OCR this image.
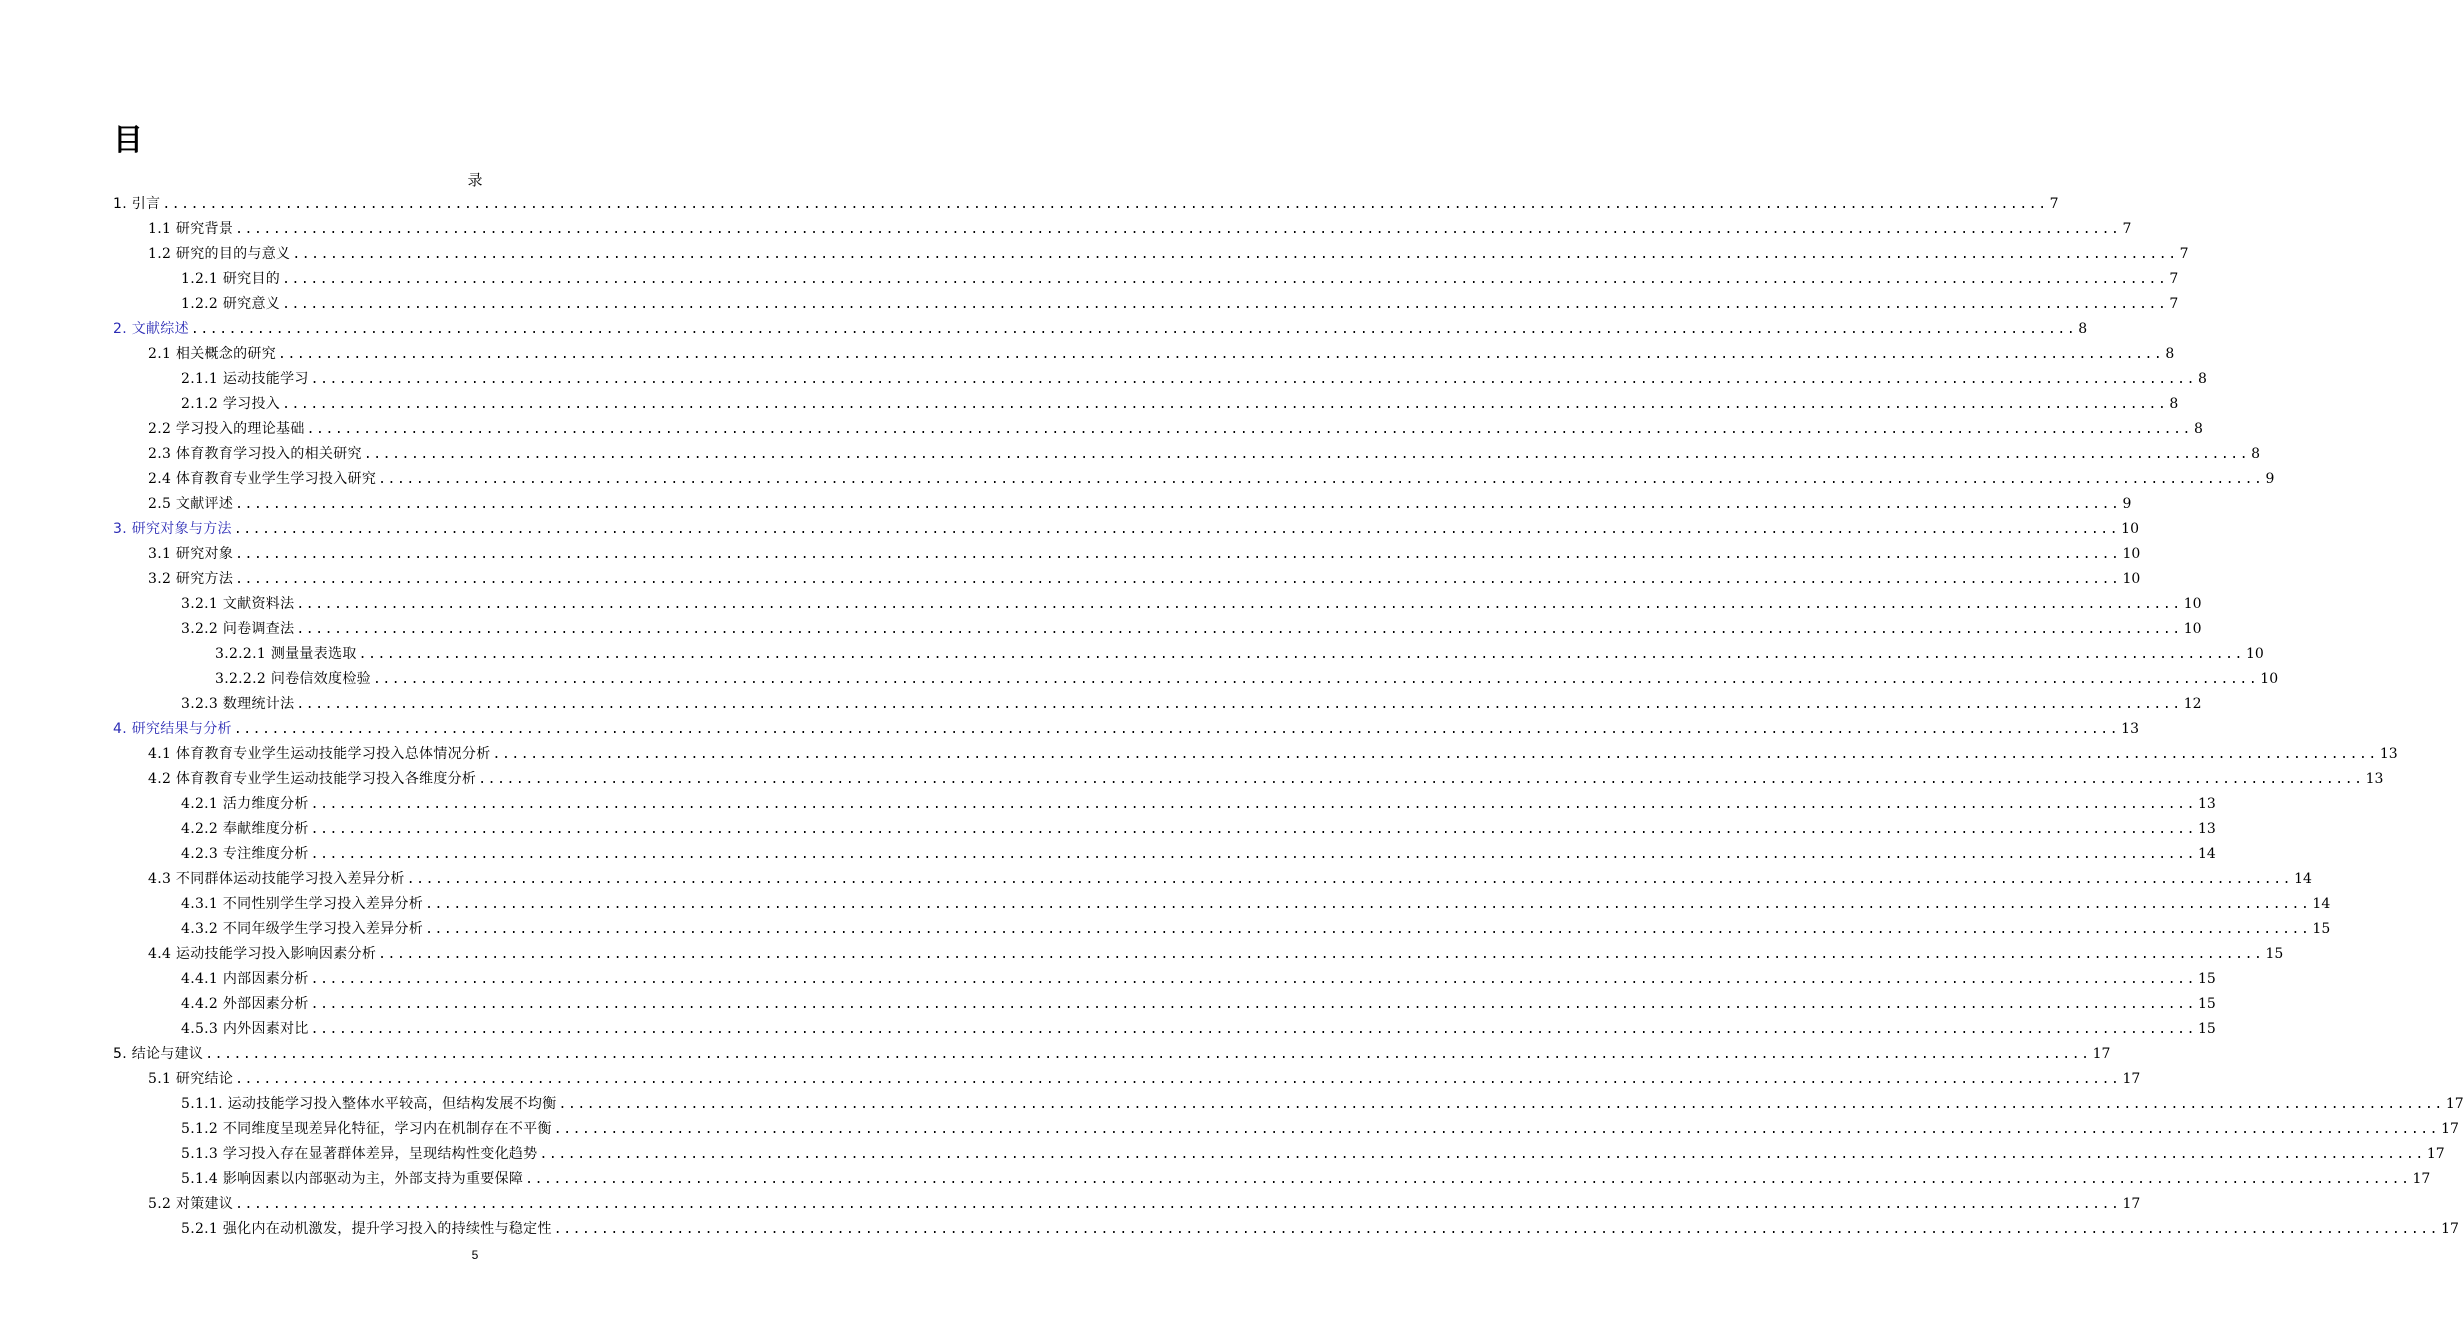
目
录
1. 引言 ........................................................................................................................................................................................................ 7
1.1 研究背景 ........................................................................................................................................................................................................ 7
1.2 研究的目的与意义 ........................................................................................................................................................................................................ 7
1.2.1 研究目的 ........................................................................................................................................................................................................ 7
1.2.2 研究意义 ........................................................................................................................................................................................................ 7
2. 文献综述 ........................................................................................................................................................................................................ 8
2.1 相关概念的研究 ........................................................................................................................................................................................................ 8
2.1.1 运动技能学习 ........................................................................................................................................................................................................ 8
2.1.2 学习投入 ........................................................................................................................................................................................................ 8
2.2 学习投入的理论基础 ........................................................................................................................................................................................................ 8
2.3 体育教育学习投入的相关研究 ........................................................................................................................................................................................................ 8
2.4 体育教育专业学生学习投入研究 ........................................................................................................................................................................................................ 9
2.5 文献评述 ........................................................................................................................................................................................................ 9
3. 研究对象与方法 ........................................................................................................................................................................................................ 10
3.1 研究对象 ........................................................................................................................................................................................................ 10
3.2 研究方法 ........................................................................................................................................................................................................ 10
3.2.1 文献资料法 ........................................................................................................................................................................................................ 10
3.2.2 问卷调查法 ........................................................................................................................................................................................................ 10
3.2.2.1 测量量表选取 ........................................................................................................................................................................................................ 10
3.2.2.2 问卷信效度检验 ........................................................................................................................................................................................................ 10
3.2.3 数理统计法 ........................................................................................................................................................................................................ 12
4. 研究结果与分析 ........................................................................................................................................................................................................ 13
4.1 体育教育专业学生运动技能学习投入总体情况分析 ........................................................................................................................................................................................................ 13
4.2 体育教育专业学生运动技能学习投入各维度分析 ........................................................................................................................................................................................................ 13
4.2.1 活力维度分析 ........................................................................................................................................................................................................ 13
4.2.2 奉献维度分析 ........................................................................................................................................................................................................ 13
4.2.3 专注维度分析 ........................................................................................................................................................................................................ 14
4.3 不同群体运动技能学习投入差异分析 ........................................................................................................................................................................................................ 14
4.3.1 不同性别学生学习投入差异分析 ........................................................................................................................................................................................................ 14
4.3.2 不同年级学生学习投入差异分析 ........................................................................................................................................................................................................ 15
4.4 运动技能学习投入影响因素分析 ........................................................................................................................................................................................................ 15
4.4.1 内部因素分析 ........................................................................................................................................................................................................ 15
4.4.2 外部因素分析 ........................................................................................................................................................................................................ 15
4.5.3 内外因素对比 ........................................................................................................................................................................................................ 15
5. 结论与建议 ........................................................................................................................................................................................................ 17
5.1 研究结论 ........................................................................................................................................................................................................ 17
5.1.1. 运动技能学习投入整体水平较高，但结构发展不均衡 ........................................................................................................................................................................................................ 17
5.1.2 不同维度呈现差异化特征，学习内在机制存在不平衡 ........................................................................................................................................................................................................ 17
5.1.3 学习投入存在显著群体差异，呈现结构性变化趋势 ........................................................................................................................................................................................................ 17
5.1.4 影响因素以内部驱动为主，外部支持为重要保障 ........................................................................................................................................................................................................ 17
5.2 对策建议 ........................................................................................................................................................................................................ 17
5.2.1 强化内在动机激发，提升学习投入的持续性与稳定性 ........................................................................................................................................................................................................ 17
5
